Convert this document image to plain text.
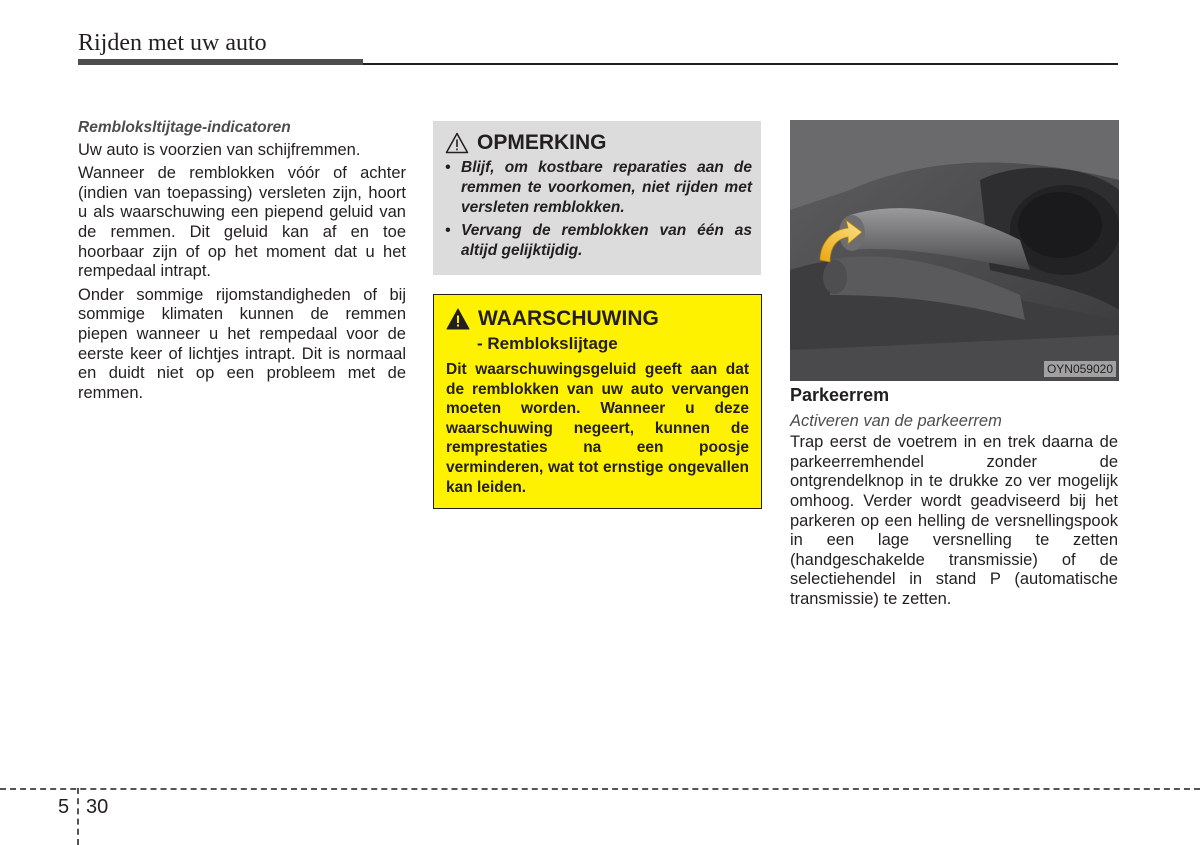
Rijden met uw auto
Rembloksltijtage-indicatoren

Uw auto is voorzien van schijfremmen.

Wanneer de remblokken vóór of achter (indien van toepassing) versleten zijn, hoort u als waarschuwing een piepend geluid van de remmen. Dit geluid kan af en toe hoorbaar zijn of op het moment dat u het rempedaal intrapt.

Onder sommige rijomstandigheden of bij sommige klimaten kunnen de remmen piepen wanneer u het rempedaal voor de eerste keer of lichtjes intrapt. Dit is normaal en duidt niet op een probleem met de remmen.

OPMERKING
• Blijf, om kostbare reparaties aan de remmen te voorkomen, niet rijden met versleten remblokken.
• Vervang de remblokken van één as altijd gelijktijdig.
WAARSCHUWING
- Remblokslijtage
Dit waarschuwingsgeluid geeft aan dat de remblokken van uw auto vervangen moeten worden. Wanneer u deze waarschuwing negeert, kunnen de remprestaties na een poosje verminderen, wat tot ernstige ongevallen kan leiden.
OYN059020
Parkeerrem
Activeren van de parkeerrem

Trap eerst de voetrem in en trek daarna de parkeerremhendel zonder de ontgrendelknop in te drukke zo ver mogelijk omhoog. Verder wordt geadviseerd bij het parkeren op een helling de versnellingspook in een lage versnelling te zetten (handgeschakelde transmissie) of de selectiehendel in stand P (automatische transmissie) te zetten.

5 30
